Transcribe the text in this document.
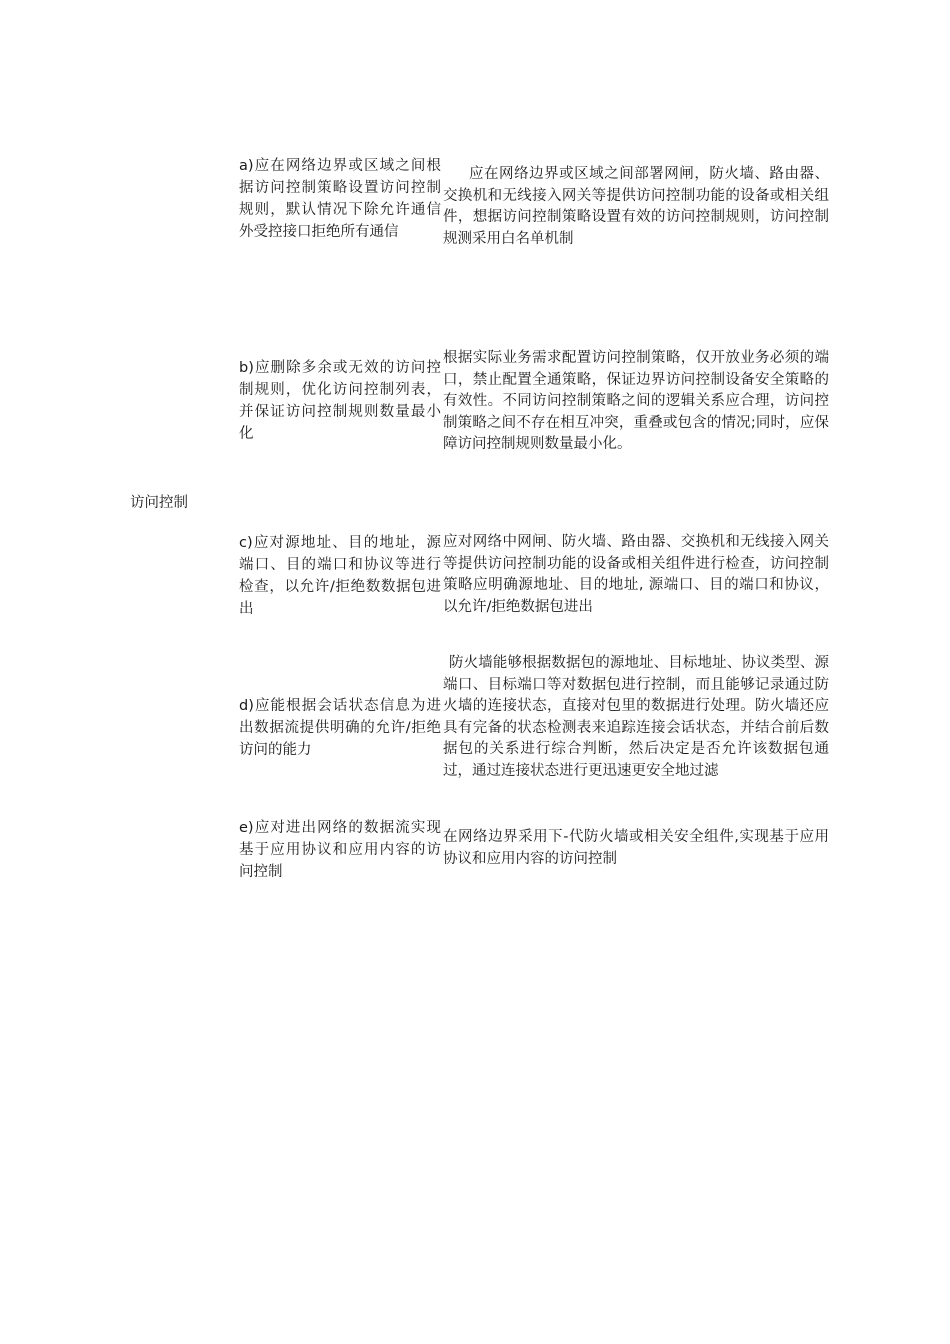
访问控制
a)应在网络边界或区域之间根据访问控制策略设置访问控制规则，默认情况下除允许通信外受控接口拒绝所有通信
应在网络边界或区域之间部署网闸，防火墙、路由器、交换机和无线接入网关等提供访问控制功能的设备或相关组件，想据访问控制策略设置有效的访问控制规则，访问控制规测采用白名单机制
b)应删除多余或无效的访问控制规则，优化访问控制列表，并保证访问控制规则数量最小化
根据实际业务需求配置访问控制策略，仅开放业务必须的端口，禁止配置全通策略，保证边界访问控制设备安全策略的有效性。不同访问控制策略之间的逻辑关系应合理，访问控制策略之间不存在相互冲突，重叠或包含的情况;同时，应保障访问控制规则数量最小化。
c)应对源地址、目的地址，源端口、目的端口和协议等进行检查，以允许/拒绝数数据包进出
应对网络中网闸、防火墙、路由器、交换机和无线接入网关等提供访问控制功能的设备或相关组件进行检查，访问控制策略应明确源地址、目的地址, 源端口、目的端口和协议，以允许/拒绝数据包进出
d)应能根据会话状态信息为进出数据流提供明确的允许/拒绝访问的能力
防火墙能够根据数据包的源地址、目标地址、协议类型、源端口、目标端口等对数据包进行控制，而且能够记录通过防火墙的连接状态，直接对包里的数据进行处理。防火墙还应具有完备的状态检测表来追踪连接会话状态，并结合前后数据包的关系进行综合判断，然后决定是否允许该数据包通过，通过连接状态进行更迅速更安全地过滤
e)应对进出网络的数据流实现基于应用协议和应用内容的访问控制
在网络边界采用下-代防火墙或相关安全组件,实现基于应用协议和应用内容的访问控制
